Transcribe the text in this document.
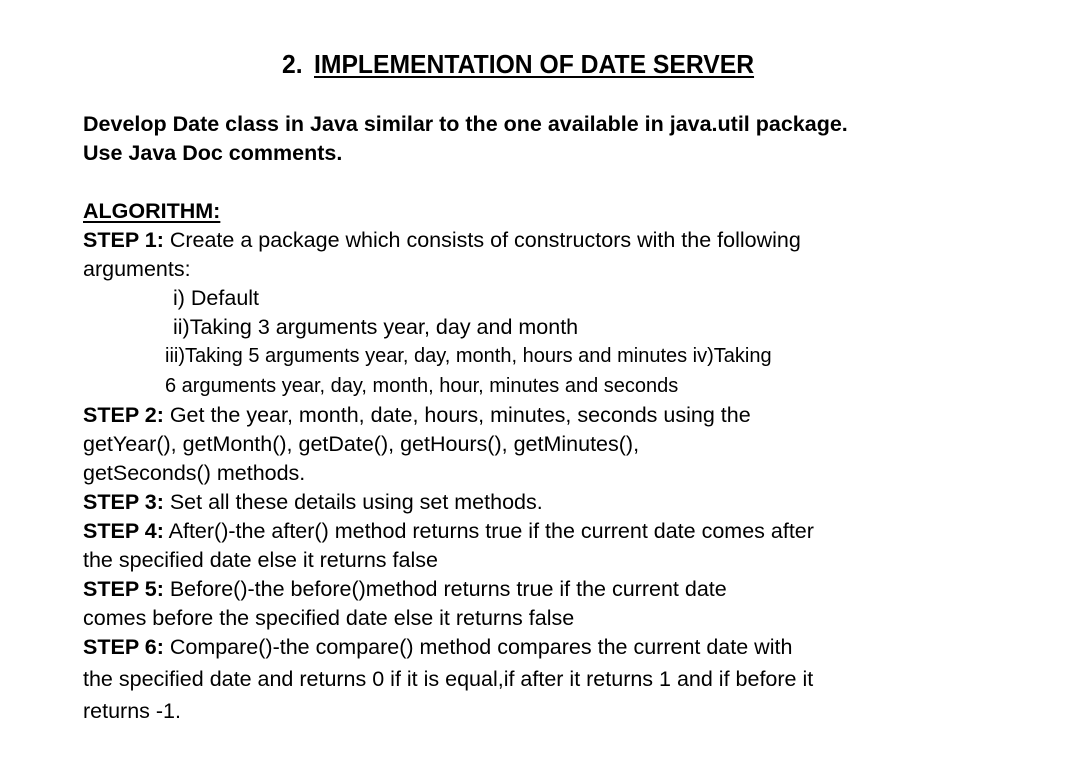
2. IMPLEMENTATION OF DATE SERVER
Develop Date class in Java similar to the one available in java.util package.
Use Java Doc comments.
ALGORITHM:
STEP 1: Create a package which consists of constructors with the following
arguments:
i) Default
ii)Taking 3 arguments year, day and month
iii)Taking 5 arguments year, day, month, hours and minutes iv)Taking
6 arguments year, day, month, hour, minutes and seconds
STEP 2: Get the year, month, date, hours, minutes, seconds using the
getYear(), getMonth(), getDate(), getHours(), getMinutes(),
getSeconds() methods.
STEP 3: Set all these details using set methods.
STEP 4: After()-the after() method returns true if the current date comes after
the specified date else it returns false
STEP 5: Before()-the before()method returns true if the current date
comes before the specified date else it returns false
STEP 6: Compare()-the compare() method compares the current date with
the specified date and returns 0 if it is equal,if after it returns 1 and if before it
returns -1.
